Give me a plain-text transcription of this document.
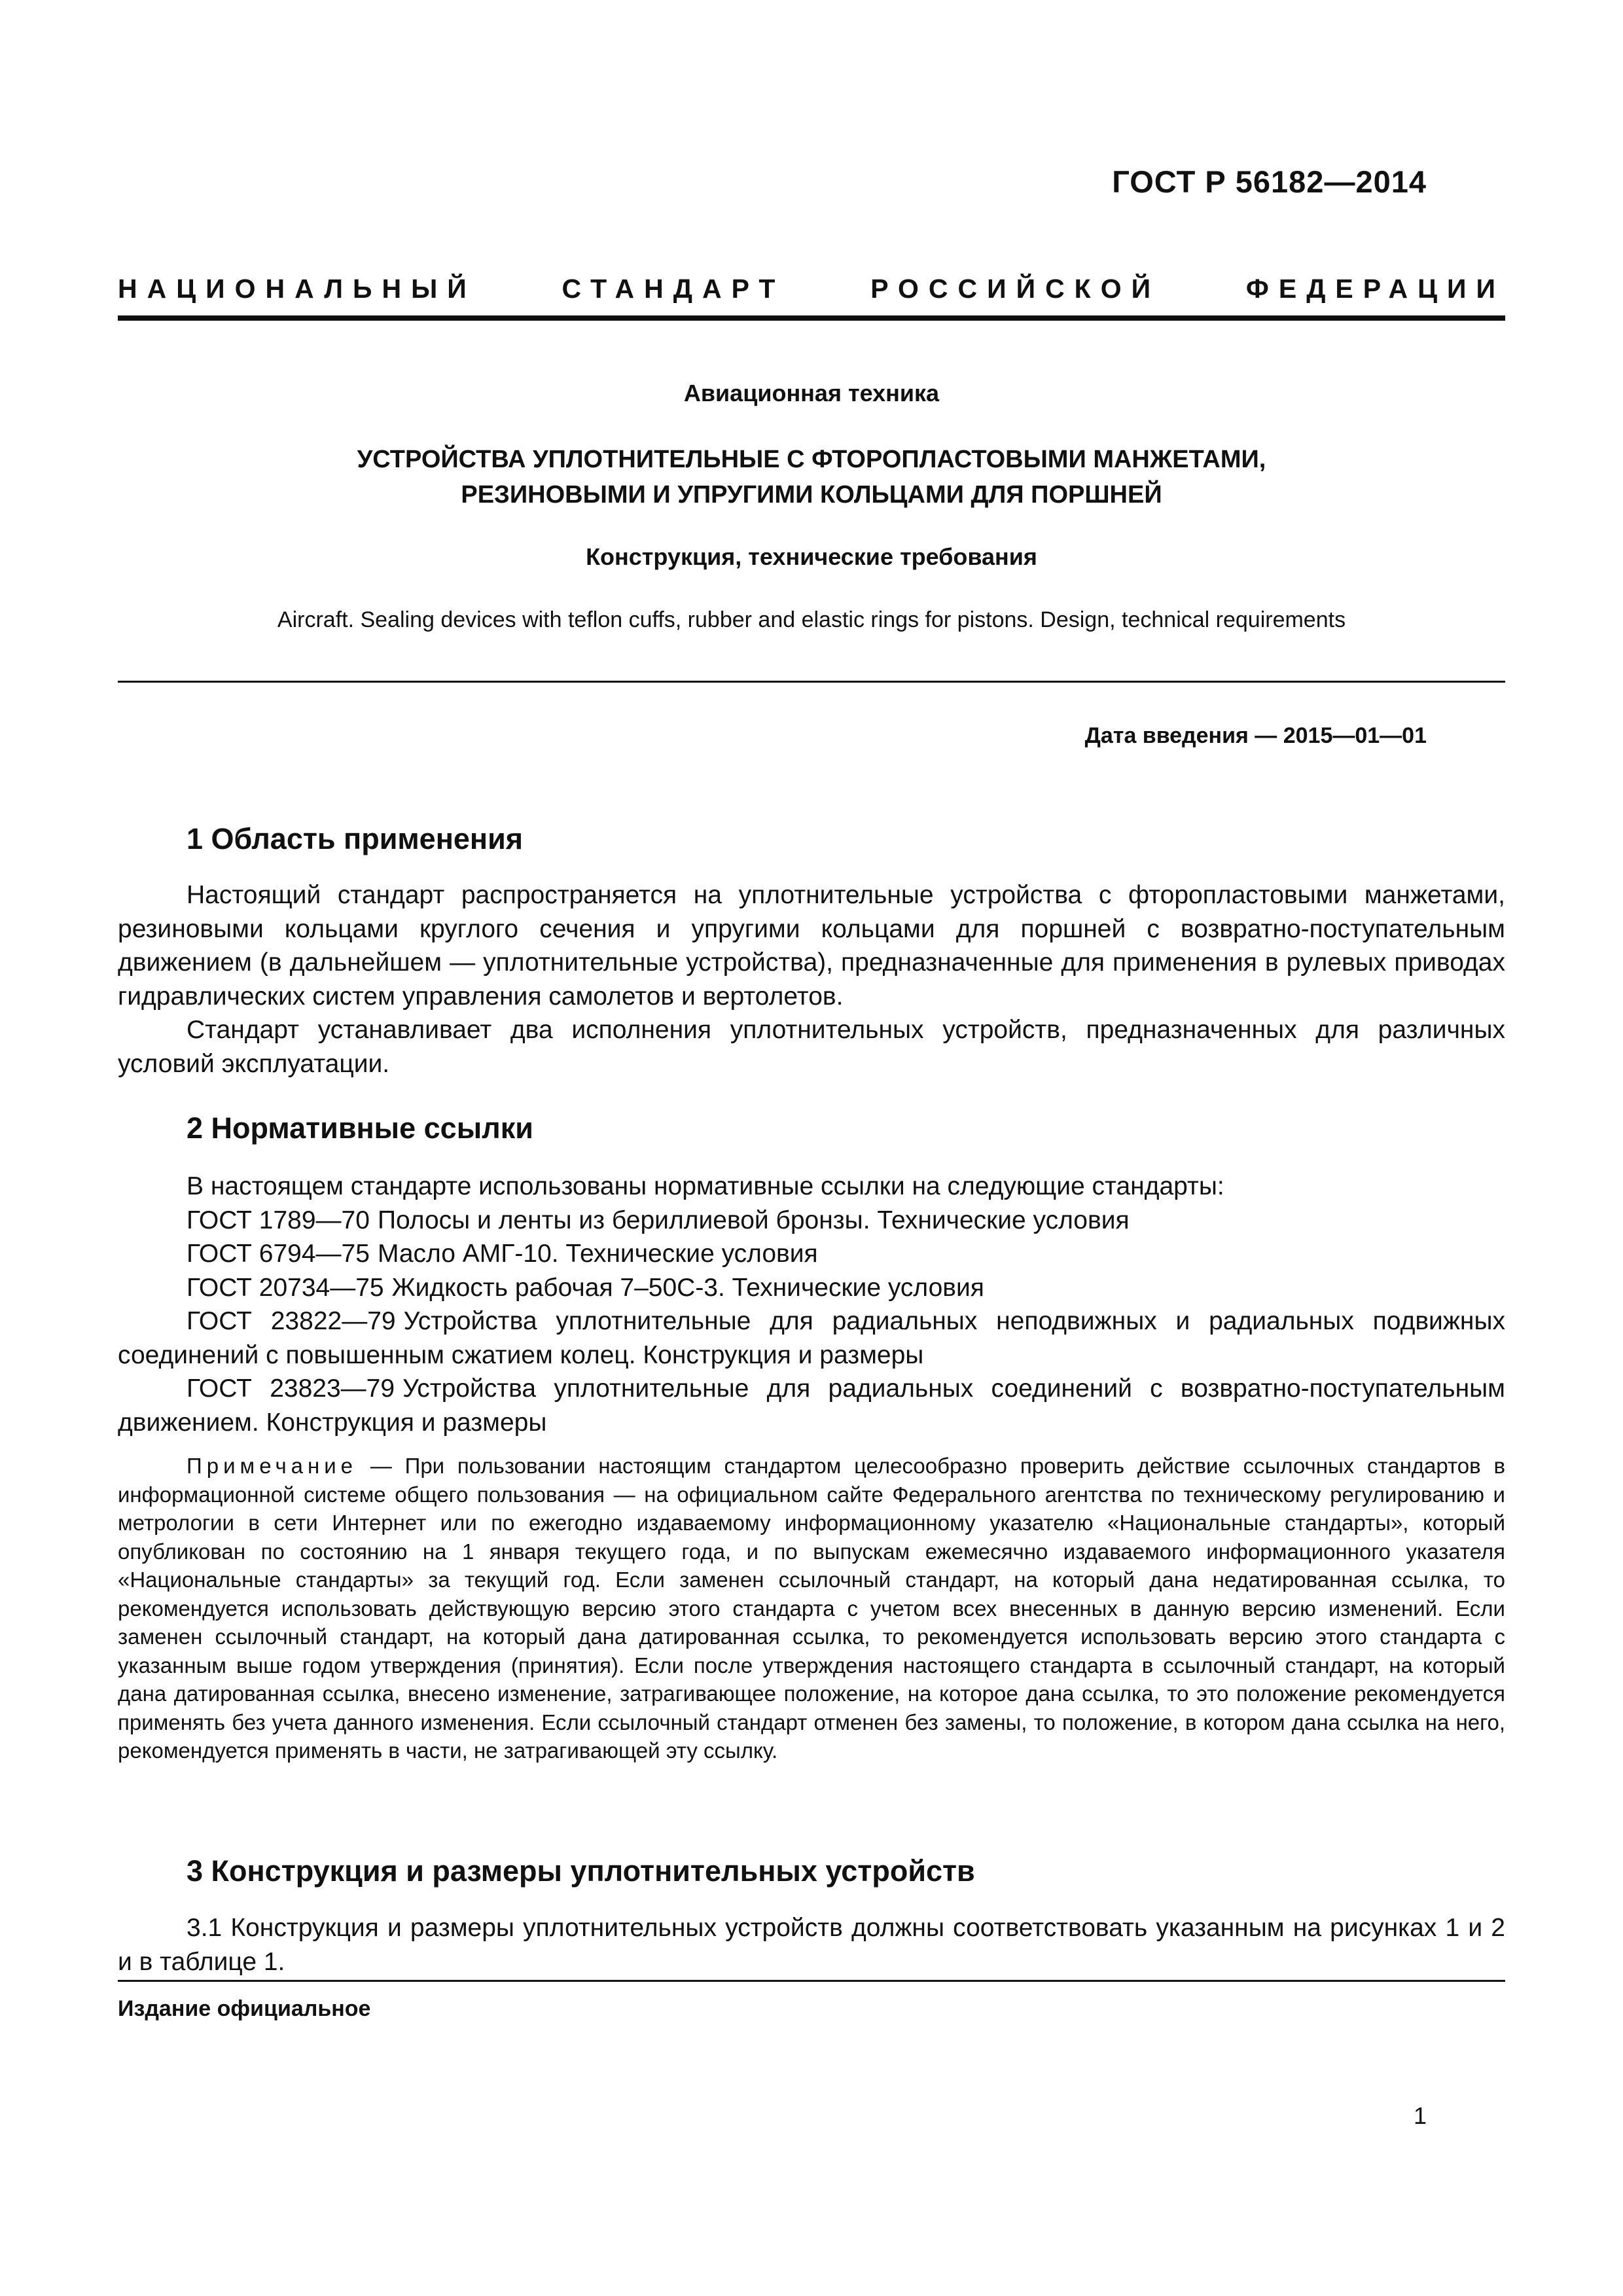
ГОСТ Р 56182—2014
НАЦИОНАЛЬНЫЙ СТАНДАРТ РОССИЙСКОЙ ФЕДЕРАЦИИ
Авиационная техника
УСТРОЙСТВА УПЛОТНИТЕЛЬНЫЕ С ФТОРОПЛАСТОВЫМИ МАНЖЕТАМИ,
РЕЗИНОВЫМИ И УПРУГИМИ КОЛЬЦАМИ ДЛЯ ПОРШНЕЙ
Конструкция, технические требования
Aircraft. Sealing devices with teflon cuffs, rubber and elastic rings for pistons. Design, technical requirements
Дата введения — 2015—01—01
1 Область применения

Настоящий стандарт распространяется на уплотнительные устройства с фторопластовыми манжетами, резиновыми кольцами круглого сечения и упругими кольцами для поршней с возвратно-поступательным движением (в дальнейшем — уплотнительные устройства), предназначенные для применения в рулевых приводах гидравлических систем управления самолетов и вертолетов.

Стандарт устанавливает два исполнения уплотнительных устройств, предназначенных для различных условий эксплуатации.

2 Нормативные ссылки

В настоящем стандарте использованы нормативные ссылки на следующие стандарты:

ГОСТ 1789—70 Полосы и ленты из бериллиевой бронзы. Технические условия

ГОСТ 6794—75 Масло АМГ-10. Технические условия

ГОСТ 20734—75 Жидкость рабочая 7–50С-3. Технические условия

ГОСТ 23822—79 Устройства уплотнительные для радиальных неподвижных и радиальных подвижных соединений с повышенным сжатием колец. Конструкция и размеры

ГОСТ 23823—79 Устройства уплотнительные для радиальных соединений с возвратно-поступательным движением. Конструкция и размеры

Примечание — При пользовании настоящим стандартом целесообразно проверить действие ссылочных стандартов в информационной системе общего пользования — на официальном сайте Федерального агентства по техническому регулированию и метрологии в сети Интернет или по ежегодно издаваемому информационному указателю «Национальные стандарты», который опубликован по состоянию на 1 января текущего года, и по выпускам ежемесячно издаваемого информационного указателя «Национальные стандарты» за текущий год. Если заменен ссылочный стандарт, на который дана недатированная ссылка, то рекомендуется использовать действующую версию этого стандарта с учетом всех внесенных в данную версию изменений. Если заменен ссылочный стандарт, на который дана датированная ссылка, то рекомендуется использовать версию этого стандарта с указанным выше годом утверждения (принятия). Если после утверждения настоящего стандарта в ссылочный стандарт, на который дана датированная ссылка, внесено изменение, затрагивающее положение, на которое дана ссылка, то это положение рекомендуется применять без учета данного изменения. Если ссылочный стандарт отменен без замены, то положение, в котором дана ссылка на него, рекомендуется применять в части, не затрагивающей эту ссылку.

3 Конструкция и размеры уплотнительных устройств

3.1 Конструкция и размеры уплотнительных устройств должны соответствовать указанным на рисунках 1 и 2 и в таблице 1.

Издание официальное
1
